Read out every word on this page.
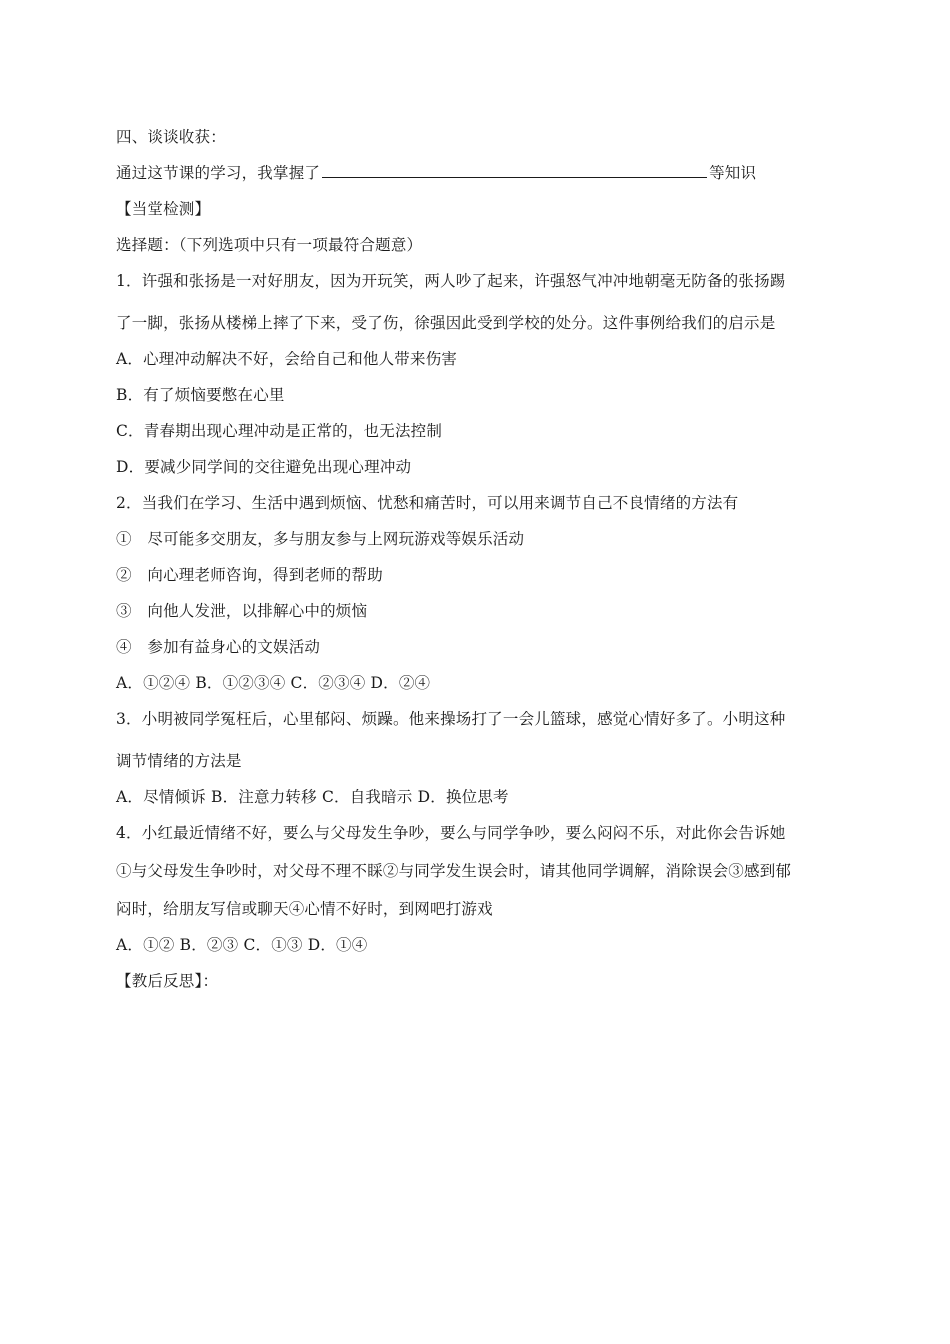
四、谈谈收获：
通过这节课的学习，我掌握了	等知识
【当堂检测】
选择题：（下列选项中只有一项最符合题意）
1．许强和张扬是一对好朋友，因为开玩笑，两人吵了起来，许强怒气冲冲地朝毫无防备的张扬踢
了一脚，张扬从楼梯上摔了下来，受了伤，徐强因此受到学校的处分。这件事例给我们的启示是
A．心理冲动解决不好，会给自己和他人带来伤害
B．有了烦恼要憋在心里
C．青春期出现心理冲动是正常的，也无法控制
D．要减少同学间的交往避免出现心理冲动
2．当我们在学习、生活中遇到烦恼、忧愁和痛苦时，可以用来调节自己不良情绪的方法有
①　尽可能多交朋友，多与朋友参与上网玩游戏等娱乐活动
②　向心理老师咨询，得到老师的帮助
③　向他人发泄，以排解心中的烦恼
④　参加有益身心的文娱活动
A．①②④ B．①②③④ C．②③④ D．②④
3．小明被同学冤枉后，心里郁闷、烦躁。他来操场打了一会儿篮球，感觉心情好多了。小明这种
调节情绪的方法是
A．尽情倾诉 B．注意力转移 C．自我暗示 D．换位思考
4．小红最近情绪不好，要么与父母发生争吵，要么与同学争吵，要么闷闷不乐，对此你会告诉她
①与父母发生争吵时，对父母不理不睬②与同学发生误会时，请其他同学调解，消除误会③感到郁
闷时，给朋友写信或聊天④心情不好时，到网吧打游戏
A．①② B．②③ C．①③ D．①④
【教后反思】：
